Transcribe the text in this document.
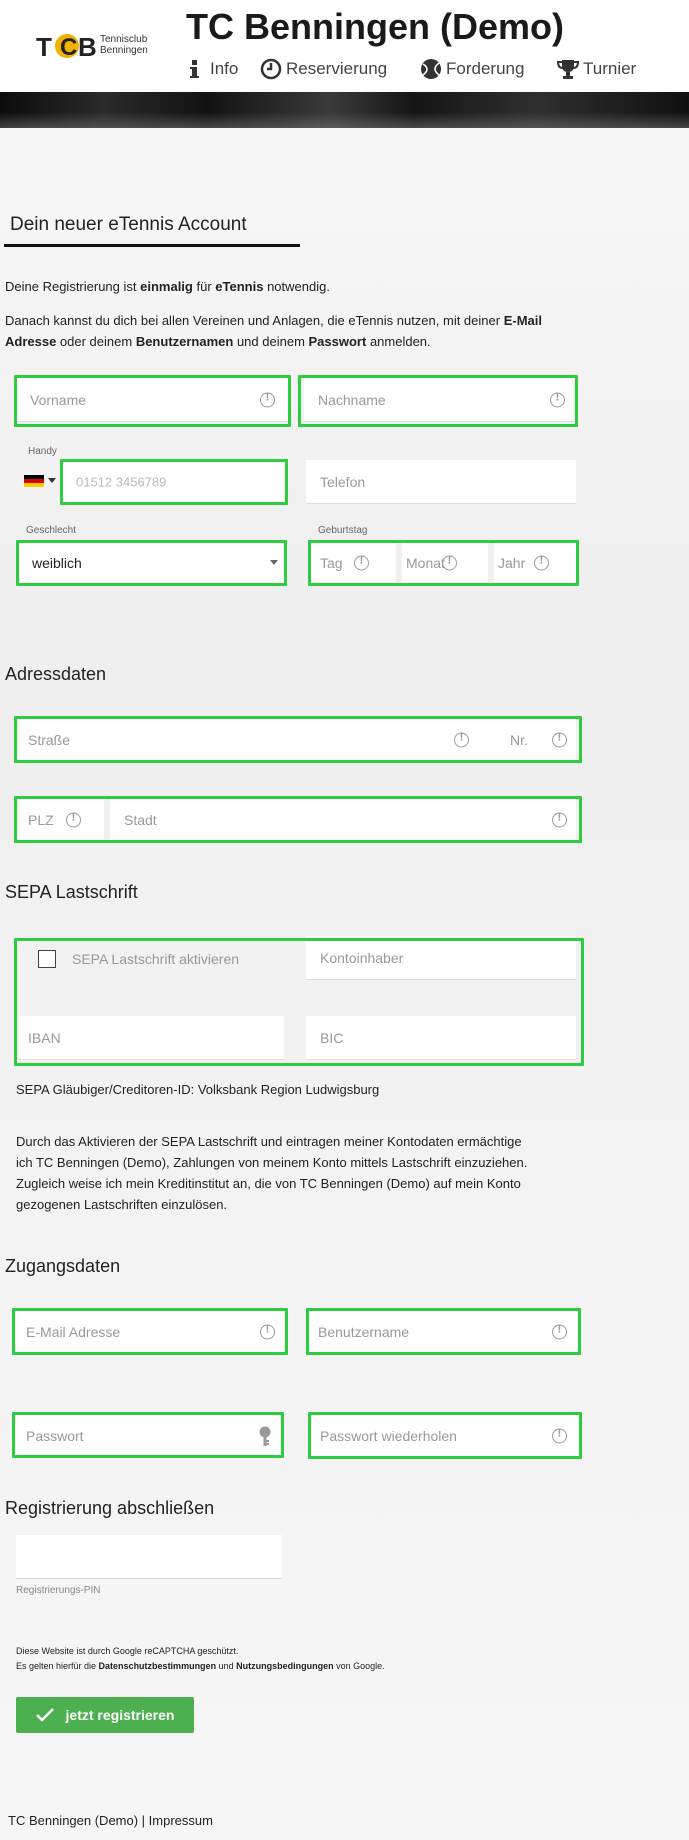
T C B Tennisclub
Benningen
TC Benningen (Demo)
Info	Reservierung	Forderung	Turnier
Dein neuer eTennis Account
Deine Registrierung ist einmalig für eTennis notwendig.
Danach kannst du dich bei allen Vereinen und Anlagen, die eTennis nutzen, mit deiner E-Mail
Adresse oder deinem Benutzernamen und deinem Passwort anmelden.
Vorname !	Nachname
!
Handy
01512 3456789	Telefon
Geschlecht	Geburtstag
weiblich	Tag !	Monat !	Jahr
!
Adressdaten
Straße !	Nr.
!
PLZ !	Stadt
!
SEPA Lastschrift
SEPA Lastschrift aktivieren	Kontoinhaber
IBAN	BIC
SEPA Gläubiger/Creditoren-ID: Volksbank Region Ludwigsburg
Durch das Aktivieren der SEPA Lastschrift und eintragen meiner Kontodaten ermächtige
ich TC Benningen (Demo), Zahlungen von meinem Konto mittels Lastschrift einzuziehen.
Zugleich weise ich mein Kreditinstitut an, die von TC Benningen (Demo) auf mein Konto
gezogenen Lastschriften einzulösen.
Zugangsdaten
E-Mail Adresse !	Benutzername
!
Passwort	Passwort wiederholen
!
Registrierung abschließen
Registrierungs-PIN
Diese Website ist durch Google reCAPTCHA geschützt.
Es gelten hierfür die Datenschutzbestimmungen und Nutzungsbedingungen von Google.
jetzt registrieren
TC Benningen (Demo) | Impressum
